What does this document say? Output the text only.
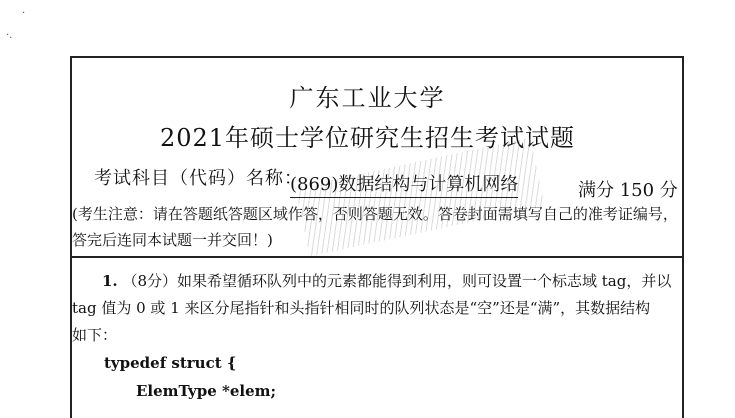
·
·.
广东工业大学
2021年硕士学位研究生招生考试试题
考试科目（代码）名称：
(869)数据结构与计算机网络	满分 150 分
(考生注意：请在答题纸答题区域作答，否则答题无效。答卷封面需填写自己的准考证编号，
答完后连同本试题一并交回！)
1. （8分）如果希望循环队列中的元素都能得到利用，则可设置一个标志域 tag，并以
tag 值为 0 或 1 来区分尾指针和头指针相同时的队列状态是“空”还是“满”，其数据结构
如下：
typedef struct {
ElemType *elem;
